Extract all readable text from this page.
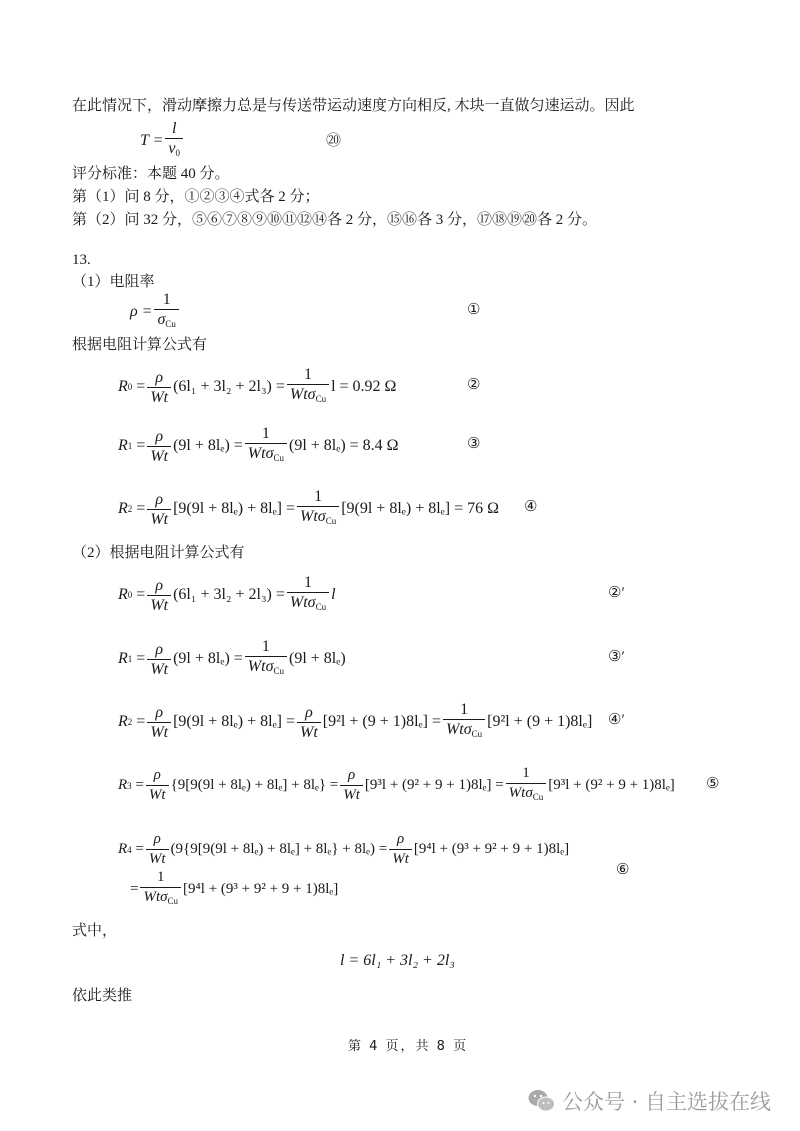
在此情况下，滑动摩擦力总是与传送带运动速度方向相反, 木块一直做匀速运动。因此
$T = \frac{l}{v_0}$	⑳
评分标准：本题 40 分。
第（1）问 8 分，①②③④式各 2 分；
第（2）问 32 分，⑤⑥⑦⑧⑨⑩⑪⑫⑭各 2 分，⑮⑯各 3 分，⑰⑱⑲⑳各 2 分。
13.
（1）电阻率
$\rho = \frac{1}{\sigma_{Cu}}$	①
根据电阻计算公式有
R 0
= $\frac{\rho}{Wt} (6l_1 + 3l_2 + 2l_3) = \frac{1}{Wt\sigma_{Cu}}$ l = 0.92 Ω	②
R 1
= $\frac{\rho}{Wt} (9l + 8l_e) = \frac{1}{Wt\sigma_{Cu}} (9l + 8l_e) = 8.4$ Ω	③
R 2
= $\frac{\rho}{Wt} [9(9l + 8l_e) + 8l_e] = \frac{1}{Wt\sigma_{Cu}} [9(9l + 8l_e) + 8l_e] = 76$ Ω ④
（2）根据电阻计算公式有
R 0
= $\frac{\rho}{Wt} (6l_1 + 3l_2 + 2l_3) = \frac{1}{Wt\sigma_{Cu}}$ l	②′
R 1
= $\frac{\rho}{Wt} (9l + 8l_e) = \frac{1}{Wt\sigma_{Cu}} (9l + 8l_e)$	③′
R 2
= $\frac{\rho}{Wt} [9(9l + 8l_e) + 8l_e] = \frac{\rho}{Wt} [9^2l + (9 + 1)8l_e] = \frac{1}{Wt\sigma_{Cu}} [9^2l + (9 + 1)8l_e]$ ④′
R 3
= $\frac{\rho}{Wt} \{9[9(9l + 8l_e) + 8l_e] + 8l_e\} = \frac{\rho}{Wt} [9^3l + (9^2 + 9 + 1)8l_e] = \frac{1}{Wt\sigma_{Cu}} [9^3l + (9^2 + 9 + 1)8l_e]$ ⑤
R 4
= $\frac{\rho}{Wt} (9\{9[9(9l + 8l_e) + 8l_e] + 8l_e\} + 8l_e) = \frac{\rho}{Wt} [9^4l + (9^3 + 9^2 + 9 + 1)8l_e]$
= $\frac{1}{Wt\sigma_{Cu}} [9^4l + (9^3 + 9^2 + 9 + 1)8l_e]$
⑥
式中，
l = 6l₁ + 3l₂ + 2l₃
依此类推
第 4 页，共 8 页
公众号 · 自主选拔在线
